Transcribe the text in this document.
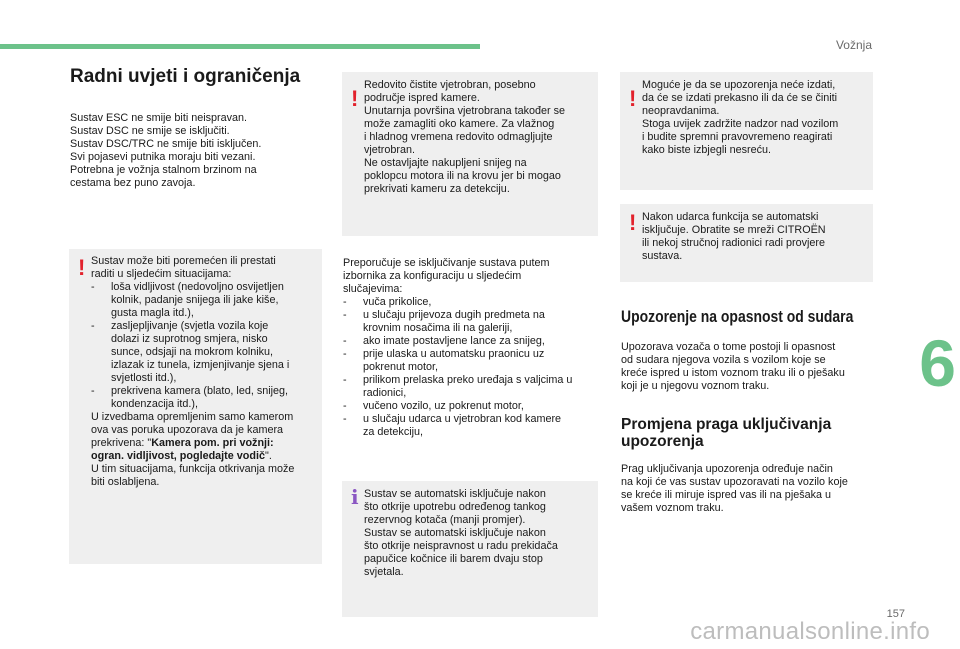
Vožnja
6
Radni uvjeti i ograničenja
Sustav ESC ne smije biti neispravan.
Sustav DSC ne smije se isključiti.
Sustav DSC/TRC ne smije biti isključen.
Svi pojasevi putnika moraju biti vezani.
Potrebna je vožnja stalnom brzinom na
cestama bez puno zavoja.
! Sustav može biti poremećen ili prestati
raditi u sljedećim situacijama:
- loša vidljivost (nedovoljno osvijetljen
kolnik, padanje snijega ili jake kiše,
gusta magla itd.),
- zasljepljivanje (svjetla vozila koje
dolazi iz suprotnog smjera, nisko
sunce, odsjaji na mokrom kolniku,
izlazak iz tunela, izmjenjivanje sjena i
svjetlosti itd.),
- prekrivena kamera (blato, led, snijeg,
kondenzacija itd.),
U izvedbama opremljenim samo kamerom
ova vas poruka upozorava da je kamera
prekrivena: "Kamera pom. pri vožnji:
ogran. vidljivost, pogledajte vodič".
U tim situacijama, funkcija otkrivanja može
biti oslabljena.
!
Redovito čistite vjetrobran, posebno
područje ispred kamere.
Unutarnja površina vjetrobrana također se
može zamagliti oko kamere. Za vlažnog
i hladnog vremena redovito odmagljujte
vjetrobran.
Ne ostavljajte nakupljeni snijeg na
poklopcu motora ili na krovu jer bi mogao
prekrivati kameru za detekciju.
Preporučuje se isključivanje sustava putem
izbornika za konfiguraciju u sljedećim
slučajevima:
- vuča prikolice,
- u slučaju prijevoza dugih predmeta na
krovnim nosačima ili na galeriji,
- ako imate postavljene lance za snijeg,
- prije ulaska u automatsku praonicu uz
pokrenut motor,
- prilikom prelaska preko uređaja s valjcima u
radionici,
- vučeno vozilo, uz pokrenut motor,
- u slučaju udarca u vjetrobran kod kamere
za detekciju,
i Sustav se automatski isključuje nakon
što otkrije upotrebu određenog tankog
rezervnog kotača (manji promjer).
Sustav se automatski isključuje nakon
što otkrije neispravnost u radu prekidača
papučice kočnice ili barem dvaju stop
svjetala.
!
Moguće je da se upozorenja neće izdati,
da će se izdati prekasno ili da će se činiti
neopravdanima.
Stoga uvijek zadržite nadzor nad vozilom
i budite spremni pravovremeno reagirati
kako biste izbjegli nesreću.
! Nakon udarca funkcija se automatski
isključuje. Obratite se mreži CITROËN
ili nekoj stručnoj radionici radi provjere
sustava.
Upozorenje na opasnost od sudara
Upozorava vozača o tome postoji li opasnost
od sudara njegova vozila s vozilom koje se
kreće ispred u istom voznom traku ili o pješaku
koji je u njegovu voznom traku.
Promjena praga uključivanja
upozorenja
Prag uključivanja upozorenja određuje način
na koji će vas sustav upozoravati na vozilo koje
se kreće ili miruje ispred vas ili na pješaka u
vašem voznom traku.
157
carmanualsonline.info
